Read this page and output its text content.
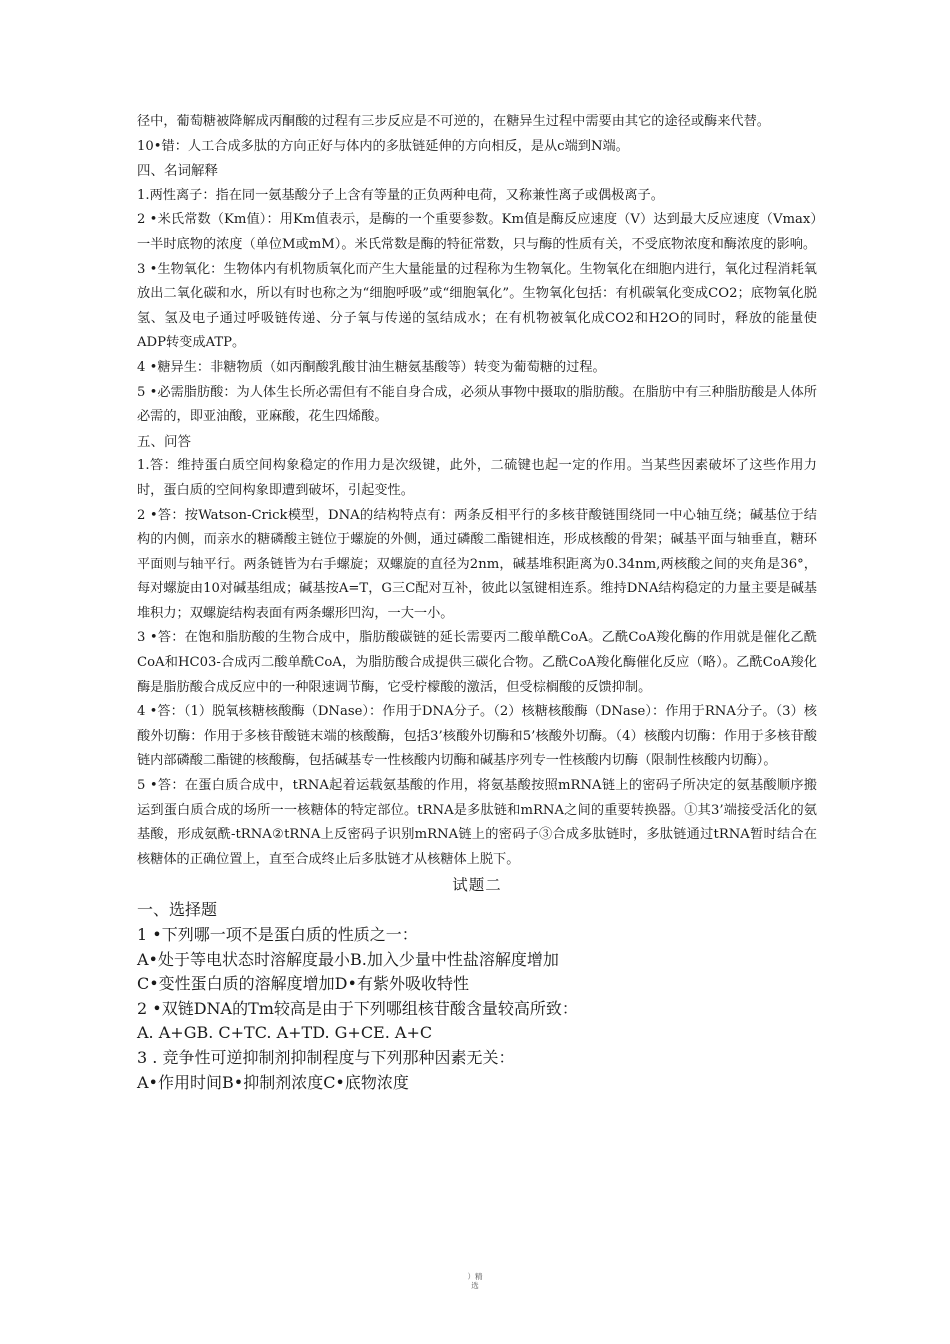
径中，葡萄糖被降解成丙酮酸的过程有三步反应是不可逆的，在糖异生过程中需要由其它的途径或酶来代替。

10•错：人工合成多肽的方向正好与体内的多肽链延伸的方向相反，是从c端到N端。

四、名词解释

1.两性离子：指在同一氨基酸分子上含有等量的正负两种电荷，又称兼性离子或偶极离子。

2 •米氏常数（Km值）：用Km值表示，是酶的一个重要参数。Km值是酶反应速度（V）达到最大反应速度（Vmax）一半时底物的浓度（单位M或mM）。米氏常数是酶的特征常数，只与酶的性质有关，不受底物浓度和酶浓度的影响。

3 •生物氧化：生物体内有机物质氧化而产生大量能量的过程称为生物氧化。生物氧化在细胞内进行，氧化过程消耗氧放出二氧化碳和水，所以有时也称之为“细胞呼吸”或“细胞氧化”。生物氧化包括：有机碳氧化变成CO2；底物氧化脱氢、氢及电子通过呼吸链传递、分子氧与传递的氢结成水；在有机物被氧化成CO2和H2O的同时，释放的能量使ADP转变成ATP。

4 •糖异生：非糖物质（如丙酮酸乳酸甘油生糖氨基酸等）转变为葡萄糖的过程。

5 •必需脂肪酸：为人体生长所必需但有不能自身合成，必须从事物中摄取的脂肪酸。在脂肪中有三种脂肪酸是人体所必需的，即亚油酸，亚麻酸，花生四烯酸。

五、问答

1.答：维持蛋白质空间构象稳定的作用力是次级键，此外，二硫键也起一定的作用。当某些因素破坏了这些作用力时，蛋白质的空间构象即遭到破坏，引起变性。

2 •答：按Watson-Crick模型，DNA的结构特点有：两条反相平行的多核苷酸链围绕同一中心轴互绕；碱基位于结构的内侧，而亲水的糖磷酸主链位于螺旋的外侧，通过磷酸二酯键相连，形成核酸的骨架；碱基平面与轴垂直，糖环平面则与轴平行。两条链皆为右手螺旋；双螺旋的直径为2nm，碱基堆积距离为0.34nm,两核酸之间的夹角是36°，每对螺旋由10对碱基组成；碱基按A=T，G三C配对互补，彼此以氢键相连系。维持DNA结构稳定的力量主要是碱基堆积力；双螺旋结构表面有两条螺形凹沟，一大一小。

3 •答：在饱和脂肪酸的生物合成中，脂肪酸碳链的延长需要丙二酸单酰CoA。乙酰CoA羧化酶的作用就是催化乙酰CoA和HC03-合成丙二酸单酰CoA，为脂肪酸合成提供三碳化合物。乙酰CoA羧化酶催化反应（略）。乙酰CoA羧化酶是脂肪酸合成反应中的一种限速调节酶，它受柠檬酸的激活，但受棕榈酸的反馈抑制。

4 •答：（1）脱氧核糖核酸酶（DNase）：作用于DNA分子。（2）核糖核酸酶（DNase）：作用于RNA分子。（3）核酸外切酶：作用于多核苷酸链末端的核酸酶，包括3’核酸外切酶和5’核酸外切酶。（4）核酸内切酶：作用于多核苷酸链内部磷酸二酯键的核酸酶，包括碱基专一性核酸内切酶和碱基序列专一性核酸内切酶（限制性核酸内切酶）。

5 •答：在蛋白质合成中，tRNA起着运载氨基酸的作用，将氨基酸按照mRNA链上的密码子所决定的氨基酸顺序搬运到蛋白质合成的场所一一核糖体的特定部位。tRNA是多肽链和mRNA之间的重要转换器。①其3’端接受活化的氨基酸，形成氨酰-tRNA②tRNA上反密码子识别mRNA链上的密码子③合成多肽链时，多肽链通过tRNA暂时结合在核糖体的正确位置上，直至合成终止后多肽链才从核糖体上脱下。

试题二

一、选择题

1 •下列哪一项不是蛋白质的性质之一：

A•处于等电状态时溶解度最小B.加入少量中性盐溶解度增加

C•变性蛋白质的溶解度增加D•有紫外吸收特性

2 •双链DNA的Tm较高是由于下列哪组核苷酸含量较高所致：

A. A+GB. C+TC. A+TD. G+CE. A+C

3 . 竞争性可逆抑制剂抑制程度与下列那种因素无关：

A•作用时间B•抑制剂浓度C•底物浓度

）精
选
